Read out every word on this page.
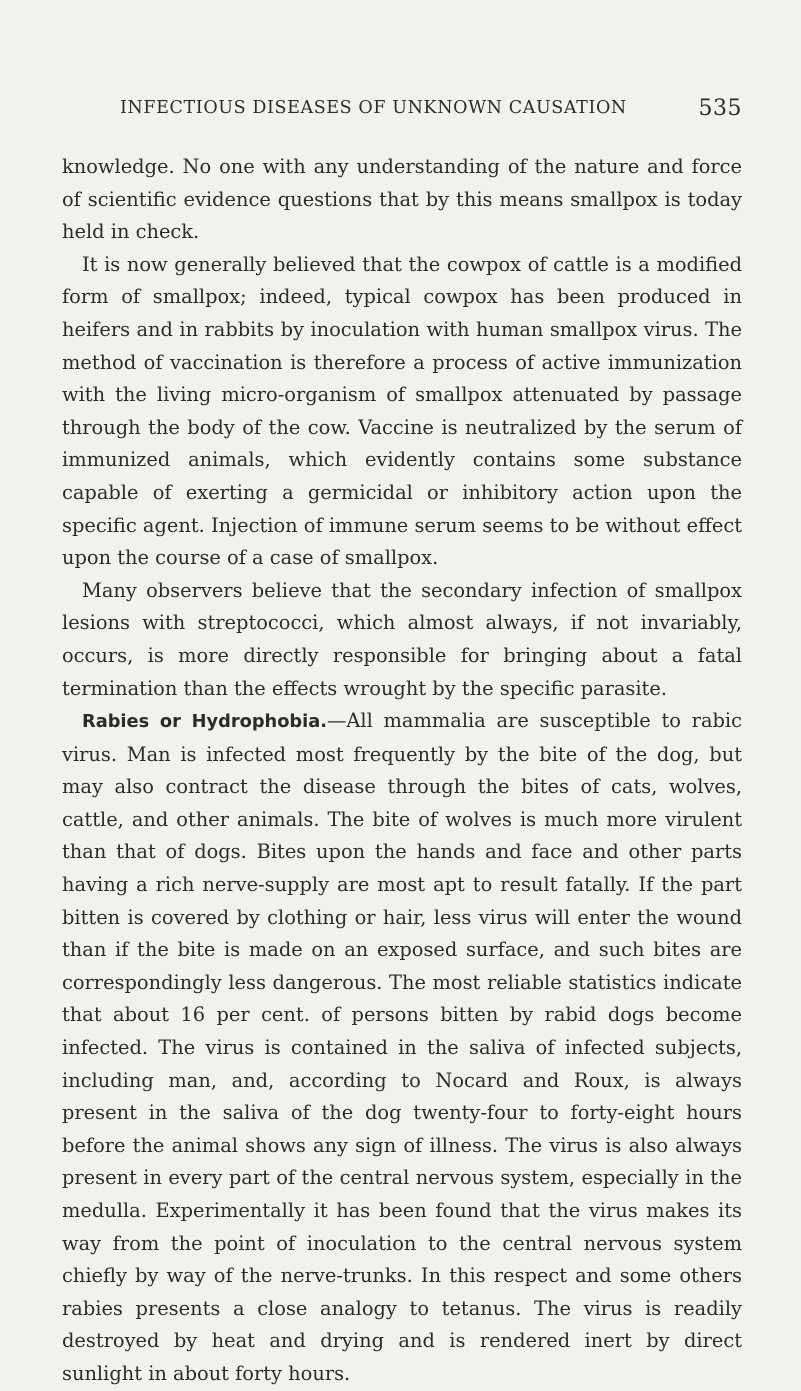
INFECTIOUS DISEASES OF UNKNOWN CAUSATION	535

knowledge. No one with any understanding of the nature and force of scientific evidence questions that by this means smallpox is today held in check.

It is now generally believed that the cowpox of cattle is a modified form of smallpox; indeed, typical cowpox has been produced in heifers and in rabbits by inoculation with human smallpox virus. The method of vaccination is therefore a process of active immunization with the living micro-organism of smallpox attenuated by passage through the body of the cow. Vaccine is neutralized by the serum of immunized animals, which evidently contains some substance capable of exerting a germicidal or inhibitory action upon the specific agent. Injection of immune serum seems to be without effect upon the course of a case of smallpox.

Many observers believe that the secondary infection of smallpox lesions with streptococci, which almost always, if not invariably, occurs, is more directly responsible for bringing about a fatal termination than the effects wrought by the specific parasite.

Rabies or Hydrophobia.—All mammalia are susceptible to rabic virus. Man is infected most frequently by the bite of the dog, but may also contract the disease through the bites of cats, wolves, cattle, and other animals. The bite of wolves is much more virulent than that of dogs. Bites upon the hands and face and other parts having a rich nerve-supply are most apt to result fatally. If the part bitten is covered by clothing or hair, less virus will enter the wound than if the bite is made on an exposed surface, and such bites are correspondingly less dangerous. The most reliable statistics indicate that about 16 per cent. of persons bitten by rabid dogs become infected. The virus is contained in the saliva of infected subjects, including man, and, according to Nocard and Roux, is always present in the saliva of the dog twenty-four to forty-eight hours before the animal shows any sign of illness. The virus is also always present in every part of the central nervous system, especially in the medulla. Experimentally it has been found that the virus makes its way from the point of inoculation to the central nervous system chiefly by way of the nerve-trunks. In this respect and some others rabies presents a close analogy to tetanus. The virus is readily destroyed by heat and drying and is rendered inert by direct sunlight in about forty hours.
